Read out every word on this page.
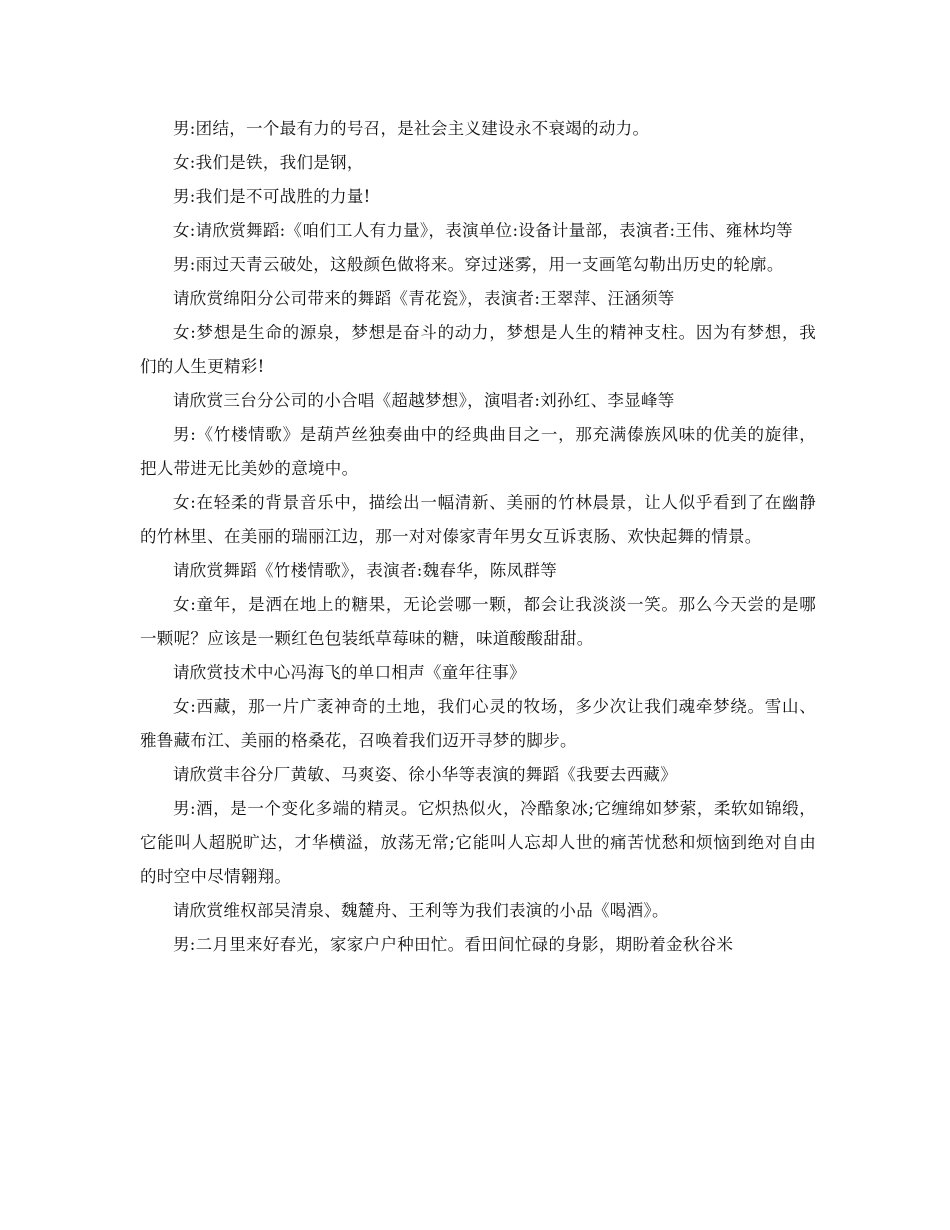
男:团结，一个最有力的号召，是社会主义建设永不衰竭的动力。

女:我们是铁，我们是钢，

男:我们是不可战胜的力量!

女:请欣赏舞蹈:《咱们工人有力量》，表演单位:设备计量部，表演者:王伟、雍林均等

男:雨过天青云破处，这般颜色做将来。穿过迷雾，用一支画笔勾勒出历史的轮廓。

请欣赏绵阳分公司带来的舞蹈《青花瓷》，表演者:王翠萍、汪涵须等

女:梦想是生命的源泉，梦想是奋斗的动力，梦想是人生的精神支柱。因为有梦想，我们的人生更精彩!

请欣赏三台分公司的小合唱《超越梦想》，演唱者:刘孙红、李显峰等

男:《竹楼情歌》是葫芦丝独奏曲中的经典曲目之一，那充满傣族风味的优美的旋律，把人带进无比美妙的意境中。

女:在轻柔的背景音乐中，描绘出一幅清新、美丽的竹林晨景，让人似乎看到了在幽静的竹林里、在美丽的瑞丽江边，那一对对傣家青年男女互诉衷肠、欢快起舞的情景。

请欣赏舞蹈《竹楼情歌》，表演者:魏春华，陈凤群等

女:童年，是洒在地上的糖果，无论尝哪一颗，都会让我淡淡一笑。那么今天尝的是哪一颗呢？应该是一颗红色包装纸草莓味的糖，味道酸酸甜甜。

请欣赏技术中心冯海飞的单口相声《童年往事》

女:西藏，那一片广袤神奇的土地，我们心灵的牧场，多少次让我们魂牵梦绕。雪山、雅鲁藏布江、美丽的格桑花，召唤着我们迈开寻梦的脚步。

请欣赏丰谷分厂黄敏、马爽姿、徐小华等表演的舞蹈《我要去西藏》

男:酒，是一个变化多端的精灵。它炽热似火，冷酷象冰;它缠绵如梦萦，柔软如锦缎，它能叫人超脱旷达，才华横溢，放荡无常;它能叫人忘却人世的痛苦忧愁和烦恼到绝对自由的时空中尽情翱翔。

请欣赏维权部吴清泉、魏麓舟、王利等为我们表演的小品《喝酒》。

男:二月里来好春光，家家户户种田忙。看田间忙碌的身影，期盼着金秋谷米
